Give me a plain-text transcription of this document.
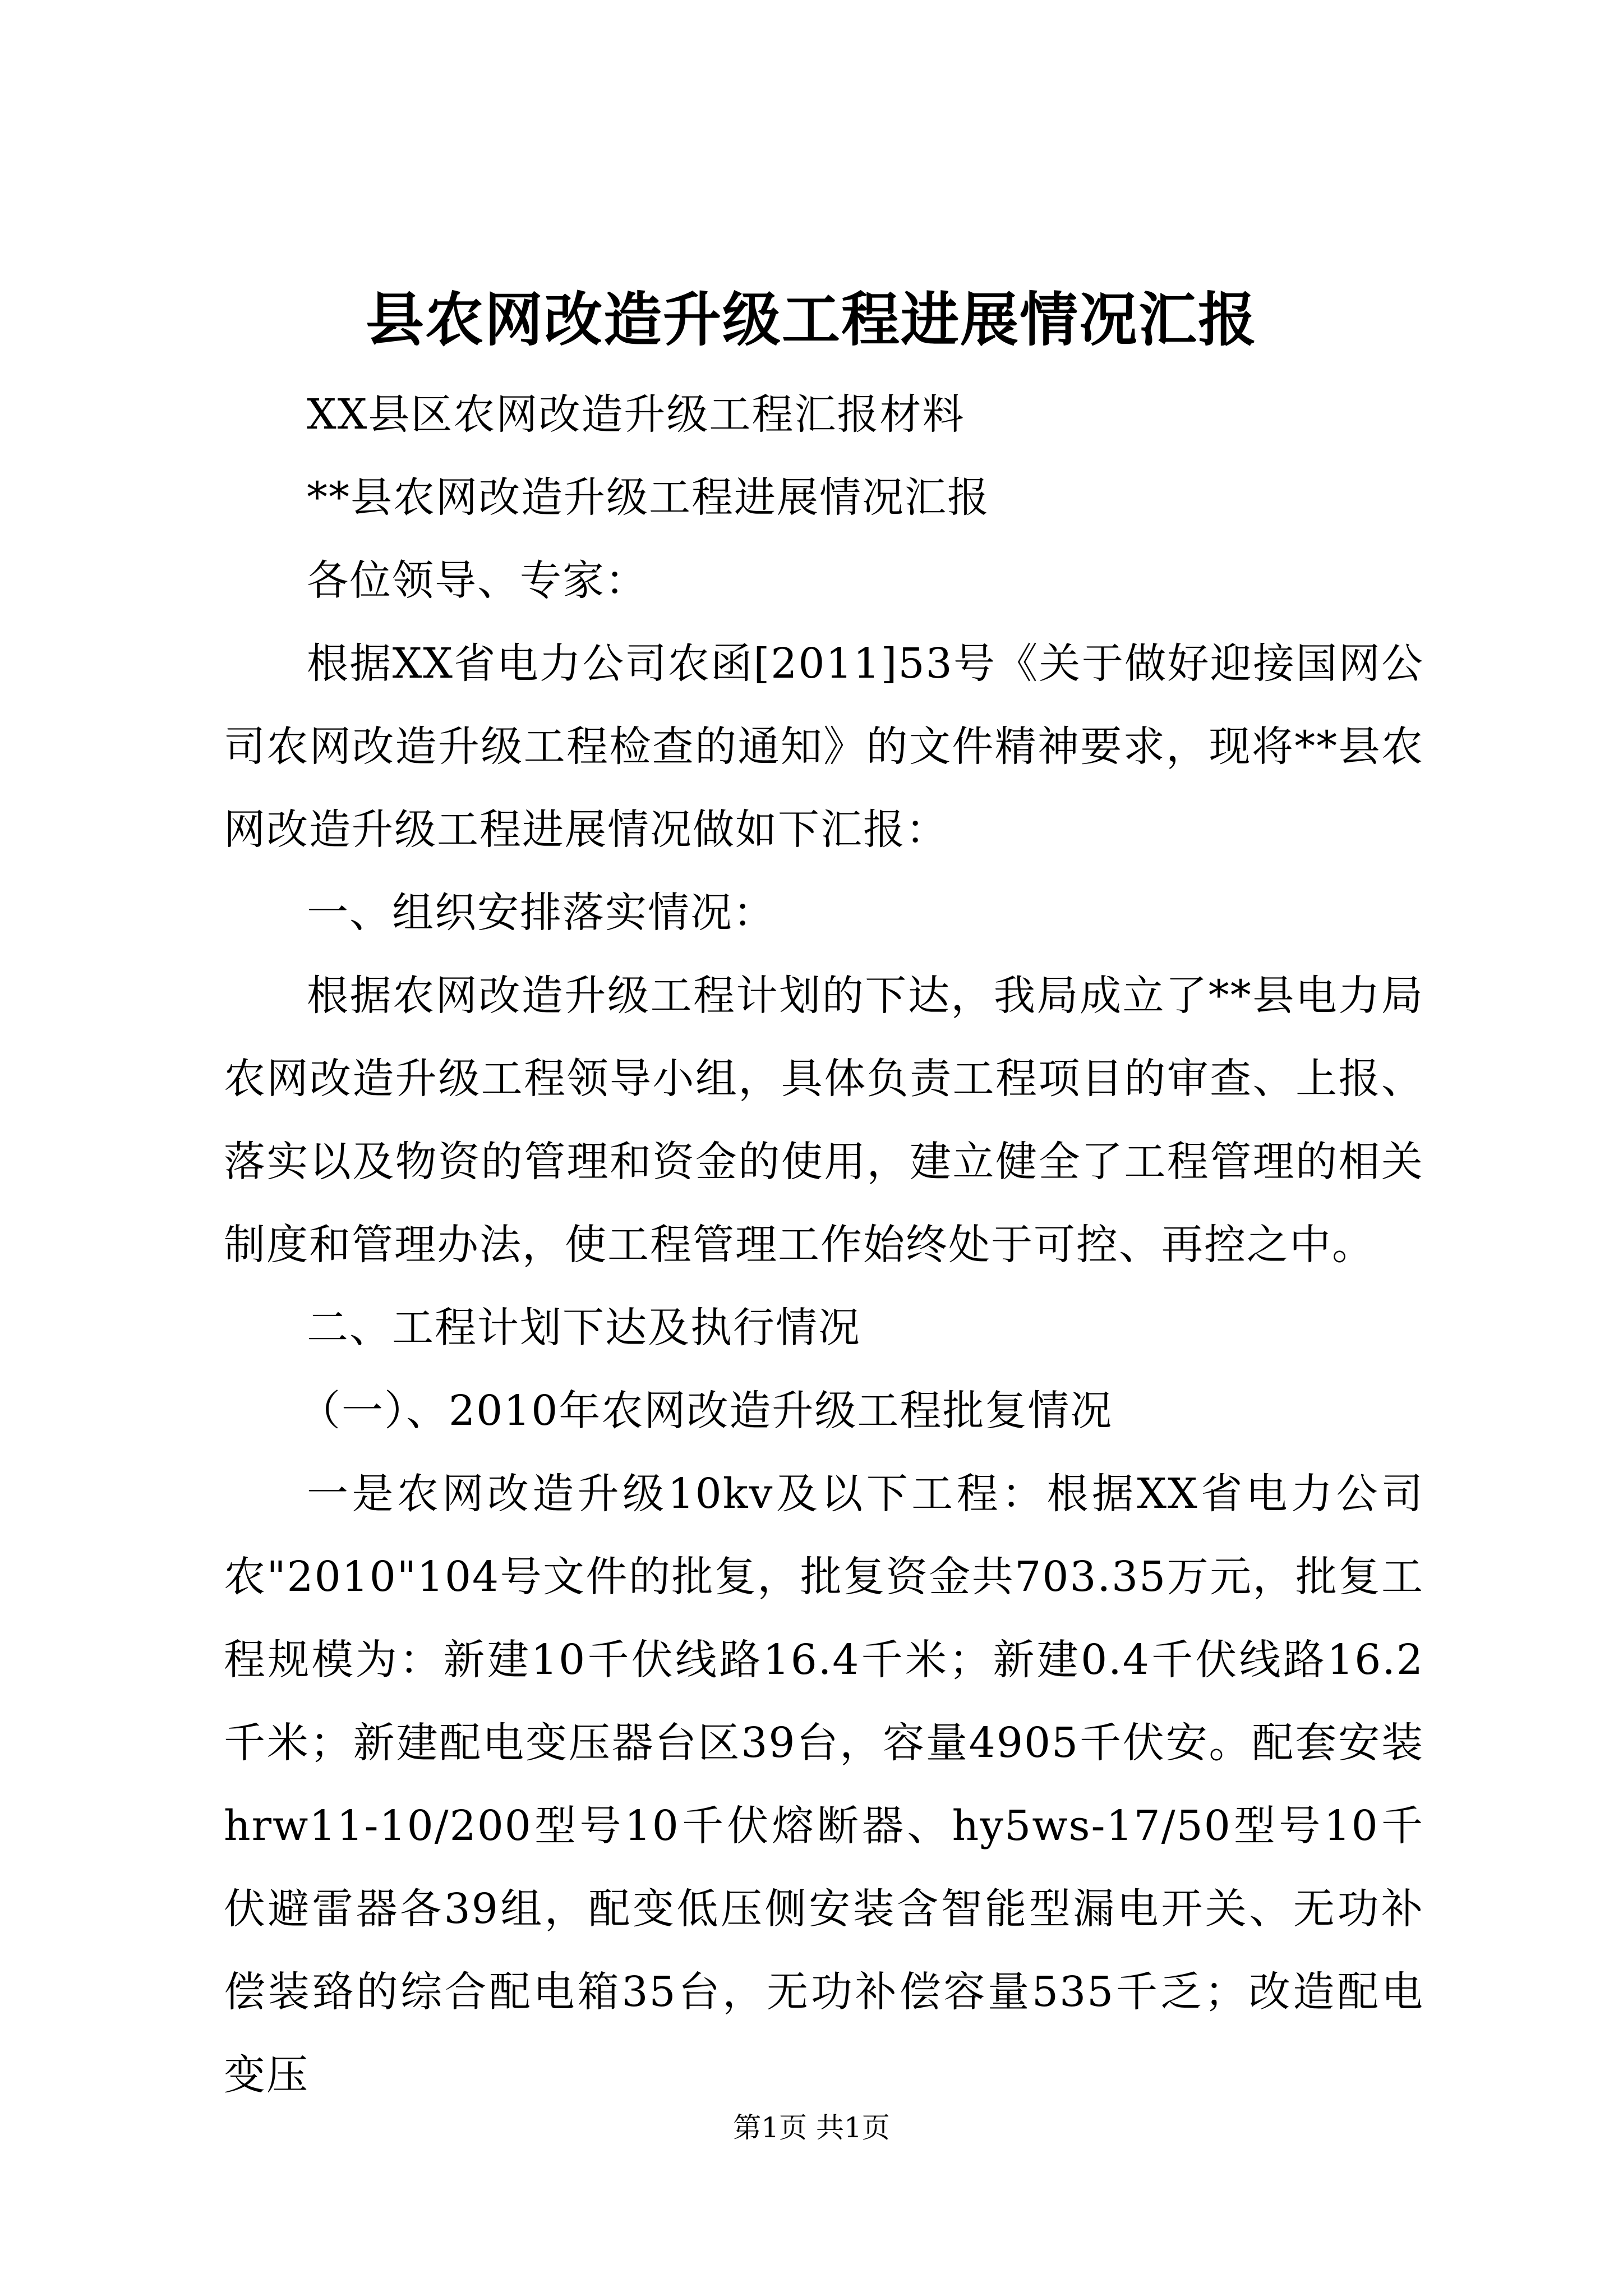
县农网改造升级工程进展情况汇报

XX县区农网改造升级工程汇报材料

**县农网改造升级工程进展情况汇报

各位领导、专家：

根据XX省电力公司农函[2011]53号《关于做好迎接国网公司农网改造升级工程检查的通知》的文件精神要求，现将**县农网改造升级工程进展情况做如下汇报：

一、组织安排落实情况：

根据农网改造升级工程计划的下达，我局成立了**县电力局农网改造升级工程领导小组，具体负责工程项目的审查、上报、落实以及物资的管理和资金的使用，建立健全了工程管理的相关制度和管理办法，使工程管理工作始终处于可控、再控之中。

二、工程计划下达及执行情况

（一）、2010年农网改造升级工程批复情况

一是农网改造升级10kv及以下工程：根据XX省电力公司农"2010"104号文件的批复，批复资金共703.35万元，批复工程规模为：新建10千伏线路16.4千米；新建0.4千伏线路16.2千米；新建配电变压器台区39台，容量4905千伏安。配套安装hrw11-10/200型号10千伏熔断器、hy5ws-17/50型号10千伏避雷器各39组，配变低压侧安装含智能型漏电开关、无功补偿装臵的综合配电箱35台，无功补偿容量535千乏；改造配电变压

第1页 共1页
